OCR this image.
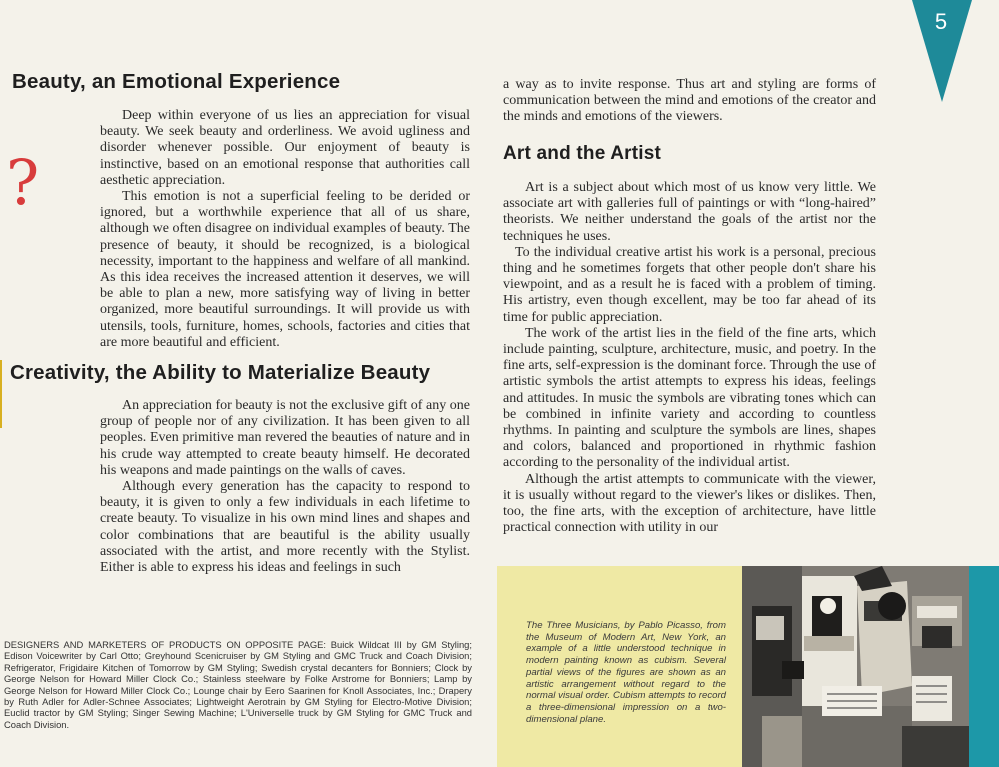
5
Beauty, an Emotional Experience
?

Deep within everyone of us lies an appreciation for visual beauty. We seek beauty and orderliness. We avoid ugliness and disorder whenever possible. Our enjoyment of beauty is instinctive, based on an emotional response that authorities call aesthetic appreciation.

This emotion is not a superficial feeling to be derided or ignored, but a worthwhile experience that all of us share, although we often disagree on individual examples of beauty. The presence of beauty, it should be recognized, is a biological necessity, important to the happiness and welfare of all mankind. As this idea receives the increased attention it deserves, we will be able to plan a new, more satisfying way of living in better organized, more beautiful surroundings. It will provide us with utensils, tools, furniture, homes, schools, factories and cities that are more beautiful and efficient.

Creativity, the Ability to Materialize Beauty

An appreciation for beauty is not the exclusive gift of any one group of people nor of any civilization. It has been given to all peoples. Even primitive man revered the beauties of nature and in his crude way attempted to create beauty himself. He decorated his weapons and made paintings on the walls of caves.

Although every generation has the capacity to respond to beauty, it is given to only a few individuals in each lifetime to create beauty. To visualize in his own mind lines and shapes and color combinations that are beautiful is the ability usually associated with the artist, and more recently with the Stylist. Either is able to express his ideas and feelings in such

DESIGNERS AND MARKETERS OF PRODUCTS ON OPPOSITE PAGE: Buick Wildcat III by GM Styling; Edison Voicewriter by Carl Otto; Greyhound Scenicruiser by GM Styling and GMC Truck and Coach Division; Refrigerator, Frigidaire Kitchen of Tomorrow by GM Styling; Swedish crystal decanters for Bonniers; Clock by George Nelson for Howard Miller Clock Co.; Stainless steelware by Folke Arstrome for Bonniers; Lamp by George Nelson for Howard Miller Clock Co.; Lounge chair by Eero Saarinen for Knoll Associates, Inc.; Drapery by Ruth Adler for Adler-Schnee Associates; Lightweight Aerotrain by GM Styling for Electro-Motive Division; Euclid tractor by GM Styling; Singer Sewing Machine; L'Universelle truck by GM Styling for GMC Truck and Coach Division.

a way as to invite response. Thus art and styling are forms of communication between the mind and emotions of the creator and the minds and emotions of the viewers.

Art and the Artist

Art is a subject about which most of us know very little. We associate art with galleries full of paintings or with “long-haired” theorists. We neither understand the goals of the artist nor the techniques he uses.

To the individual creative artist his work is a personal, precious thing and he sometimes forgets that other people don't share his viewpoint, and as a result he is faced with a problem of timing. His artistry, even though excellent, may be too far ahead of its time for public appreciation.

The work of the artist lies in the field of the fine arts, which include painting, sculpture, architecture, music, and poetry. In the fine arts, self-expression is the dominant force. Through the use of artistic symbols the artist attempts to express his ideas, feelings and attitudes. In music the symbols are vibrating tones which can be combined in infinite variety and according to countless rhythms. In painting and sculpture the symbols are lines, shapes and colors, balanced and proportioned in rhythmic fashion according to the personality of the individual artist.

Although the artist attempts to communicate with the viewer, it is usually without regard to the viewer's likes or dislikes. Then, too, the fine arts, with the exception of architecture, have little practical connection with utility in our

The Three Musicians, by Pablo Picasso, from the Museum of Modern Art, New York, an example of a little understood technique in modern painting known as cubism. Several partial views of the figures are shown as an artistic arrangement without regard to the normal visual order. Cubism attempts to record a three-dimensional impression on a two-dimensional plane.
